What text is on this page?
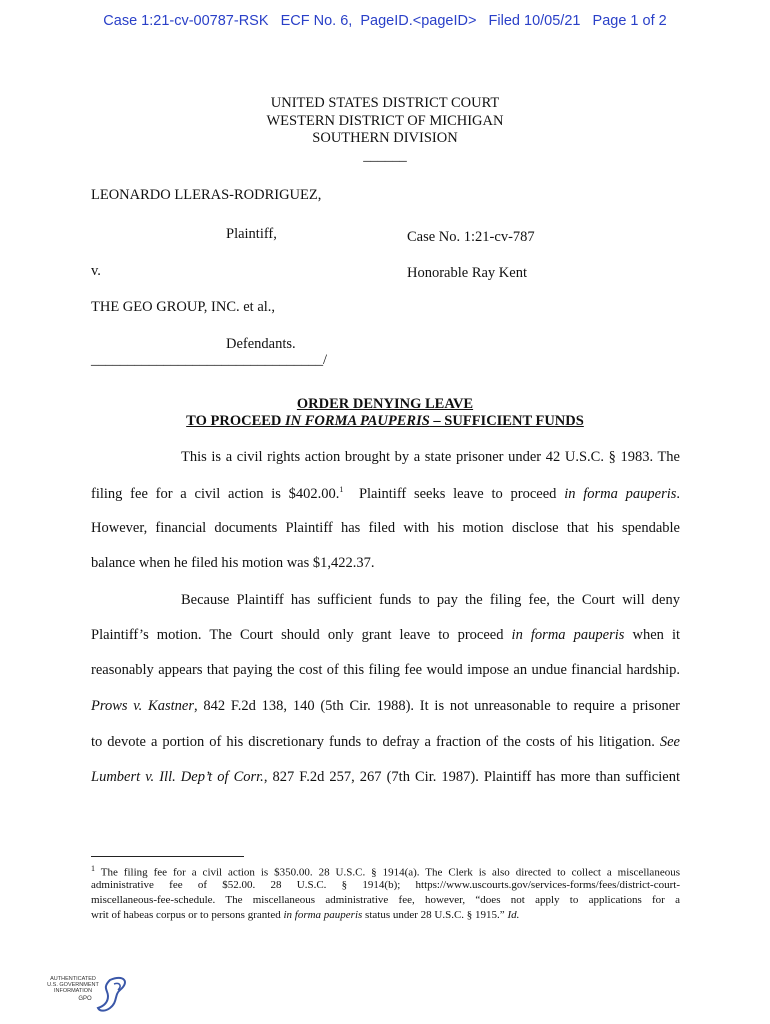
Case 1:21-cv-00787-RSK   ECF No. 6,  PageID.<pageID>   Filed 10/05/21   Page 1 of 2
UNITED STATES DISTRICT COURT
WESTERN DISTRICT OF MICHIGAN
SOUTHERN DIVISION
______
LEONARDO LLERAS-RODRIGUEZ,
Plaintiff,	Case No. 1:21-cv-787
v.	Honorable Ray Kent
THE GEO GROUP, INC. et al.,
Defendants.
________________________________/
ORDER DENYING LEAVE
TO PROCEED IN FORMA PAUPERIS – SUFFICIENT FUNDS
This is a civil rights action brought by a state prisoner under 42 U.S.C. § 1983. The
filing fee for a civil action is $402.00.$^1$ Plaintiff seeks leave to proceed in forma pauperis.
However, financial documents Plaintiff has filed with his motion disclose that his spendable
balance when he filed his motion was $1,422.37.
Because Plaintiff has sufficient funds to pay the filing fee, the Court will deny
Plaintiff’s motion. The Court should only grant leave to proceed in forma pauperis when it
reasonably appears that paying the cost of this filing fee would impose an undue financial hardship.
Prows v. Kastner, 842 F.2d 138, 140 (5th Cir. 1988). It is not unreasonable to require a prisoner
to devote a portion of his discretionary funds to defray a fraction of the costs of his litigation. See
Lumbert v. Ill. Dep’t of Corr., 827 F.2d 257, 267 (7th Cir. 1987). Plaintiff has more than sufficient
$^1$ The filing fee for a civil action is $350.00. 28 U.S.C. § 1914(a). The Clerk is also directed to collect a miscellaneous
administrative fee of $52.00. 28 U.S.C. § 1914(b); https://www.uscourts.gov/services-forms/fees/district-court-
miscellaneous-fee-schedule. The miscellaneous administrative fee, however, “does not apply to applications for a
writ of habeas corpus or to persons granted in forma pauperis status under 28 U.S.C. § 1915.” Id.
AUTHENTICATED
U.S. GOVERNMENT
INFORMATION
GPO
